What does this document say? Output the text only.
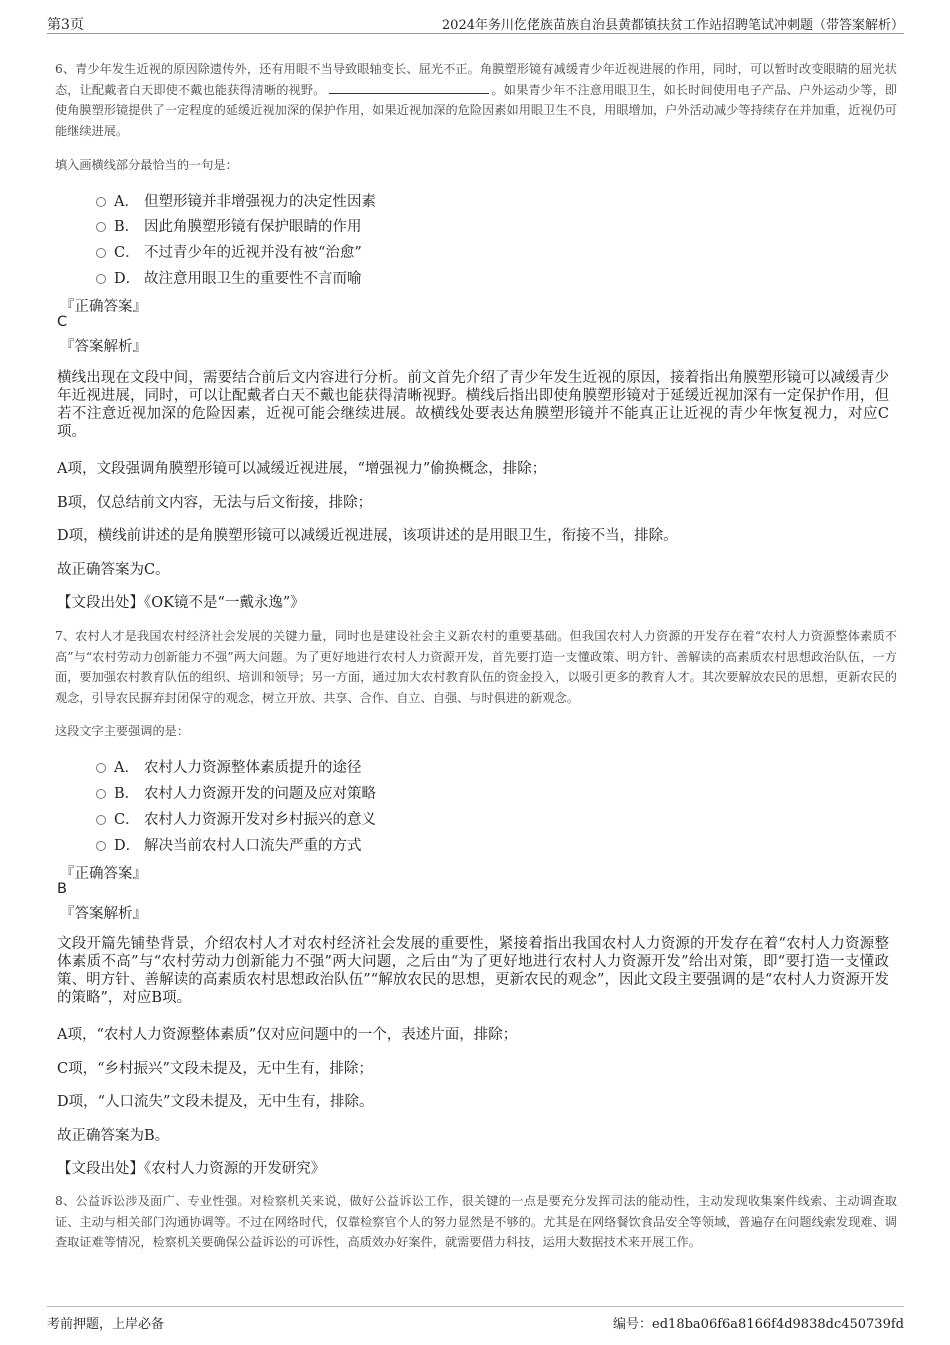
第3页	2024年务川仡佬族苗族自治县黄都镇扶贫工作站招聘笔试冲刺题（带答案解析）
6、青少年发生近视的原因除遗传外，还有用眼不当导致眼轴变长、屈光不正。角膜塑形镜有减缓青少年近视进展的作用，同时，可以暂时改变眼睛的屈光状态，让配戴者白天即使不戴也能获得清晰的视野。	。如果青少年不注意用眼卫生，如长时间使用电子产品、户外运动少等，即使角膜塑形镜提供了一定程度的延缓近视加深的保护作用，如果近视加深的危险因素如用眼卫生不良，用眼增加，户外活动减少等持续存在并加重，近视仍可能继续进展。
填入画横线部分最恰当的一句是：
A． 但塑形镜并非增强视力的决定性因素
B． 因此角膜塑形镜有保护眼睛的作用
C． 不过青少年的近视并没有被“治愈”
D． 故注意用眼卫生的重要性不言而喻
『正确答案』
C
『答案解析』
横线出现在文段中间，需要结合前后文内容进行分析。前文首先介绍了青少年发生近视的原因，接着指出角膜塑形镜可以减缓青少年近视进展，同时，可以让配戴者白天不戴也能获得清晰视野。横线后指出即使角膜塑形镜对于延缓近视加深有一定保护作用，但若不注意近视加深的危险因素，近视可能会继续进展。故横线处要表达角膜塑形镜并不能真正让近视的青少年恢复视力，对应C项。
A项，文段强调角膜塑形镜可以减缓近视进展，“增强视力”偷换概念，排除；
B项，仅总结前文内容，无法与后文衔接，排除；
D项，横线前讲述的是角膜塑形镜可以减缓近视进展，该项讲述的是用眼卫生，衔接不当，排除。
故正确答案为C。
【文段出处】《OK镜不是“一戴永逸”》
7、农村人才是我国农村经济社会发展的关键力量，同时也是建设社会主义新农村的重要基础。但我国农村人力资源的开发存在着“农村人力资源整体素质不高”与“农村劳动力创新能力不强”两大问题。为了更好地进行农村人力资源开发，首先要打造一支懂政策、明方针、善解读的高素质农村思想政治队伍，一方面，要加强农村教育队伍的组织、培训和领导；另一方面，通过加大农村教育队伍的资金投入，以吸引更多的教育人才。其次要解放农民的思想，更新农民的观念，引导农民摒弃封闭保守的观念，树立开放、共享、合作、自立、自强、与时俱进的新观念。
这段文字主要强调的是：
A． 农村人力资源整体素质提升的途径
B． 农村人力资源开发的问题及应对策略
C． 农村人力资源开发对乡村振兴的意义
D． 解决当前农村人口流失严重的方式
『正确答案』
B
『答案解析』
文段开篇先铺垫背景，介绍农村人才对农村经济社会发展的重要性，紧接着指出我国农村人力资源的开发存在着“农村人力资源整体素质不高”与“农村劳动力创新能力不强”两大问题，之后由“为了更好地进行农村人力资源开发”给出对策，即“要打造一支懂政策、明方针、善解读的高素质农村思想政治队伍”“解放农民的思想，更新农民的观念”，因此文段主要强调的是“农村人力资源开发的策略”，对应B项。
A项，“农村人力资源整体素质”仅对应问题中的一个，表述片面，排除；
C项，“乡村振兴”文段未提及，无中生有，排除；
D项，“人口流失”文段未提及，无中生有，排除。
故正确答案为B。
【文段出处】《农村人力资源的开发研究》
8、公益诉讼涉及面广、专业性强。对检察机关来说，做好公益诉讼工作，很关键的一点是要充分发挥司法的能动性，主动发现收集案件线索、主动调查取证、主动与相关部门沟通协调等。不过在网络时代，仅靠检察官个人的努力显然是不够的。尤其是在网络餐饮食品安全等领域，普遍存在问题线索发现难、调查取证难等情况，检察机关要确保公益诉讼的可诉性，高质效办好案件，就需要借力科技，运用大数据技术来开展工作。
考前押题，上岸必备	编号：ed18ba06f6a8166f4d9838dc450739fd
